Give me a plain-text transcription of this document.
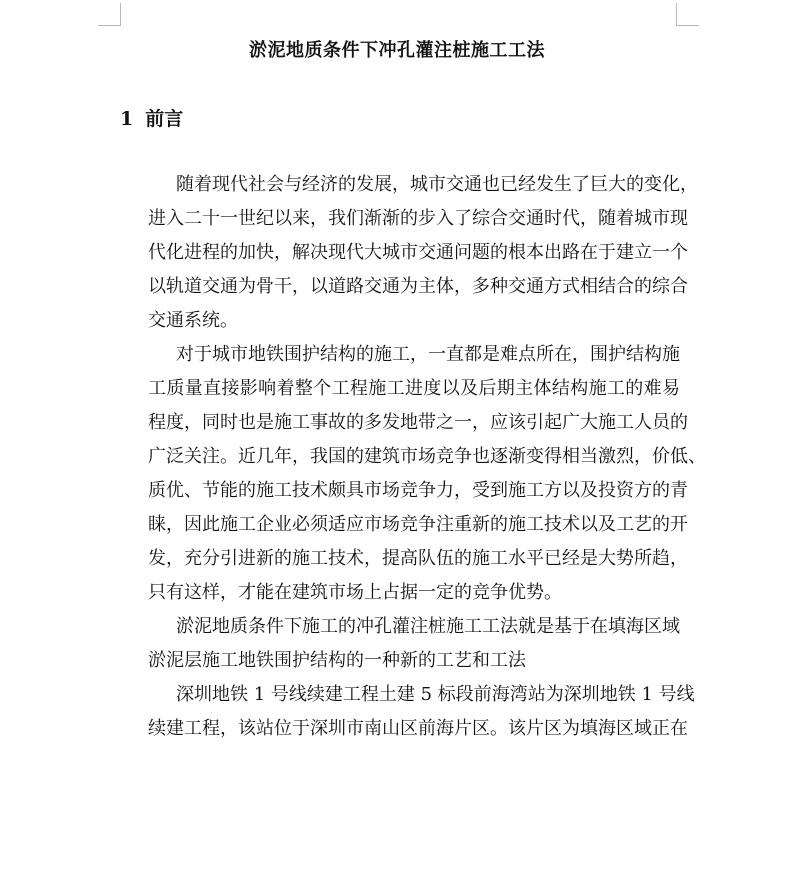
淤泥地质条件下冲孔灌注桩施工工法
1 前言

随着现代社会与经济的发展，城市交通也已经发生了巨大的变化，
进入二十一世纪以来，我们渐渐的步入了综合交通时代，随着城市现
代化进程的加快，解决现代大城市交通问题的根本出路在于建立一个
以轨道交通为骨干，以道路交通为主体，多种交通方式相结合的综合
交通系统。

对于城市地铁围护结构的施工，一直都是难点所在，围护结构施
工质量直接影响着整个工程施工进度以及后期主体结构施工的难易
程度，同时也是施工事故的多发地带之一，应该引起广大施工人员的
广泛关注。近几年，我国的建筑市场竞争也逐渐变得相当激烈，价低、
质优、节能的施工技术颇具市场竞争力，受到施工方以及投资方的青
睐，因此施工企业必须适应市场竞争注重新的施工技术以及工艺的开
发，充分引进新的施工技术，提高队伍的施工水平已经是大势所趋，
只有这样，才能在建筑市场上占据一定的竞争优势。

淤泥地质条件下施工的冲孔灌注桩施工工法就是基于在填海区域
淤泥层施工地铁围护结构的一种新的工艺和工法

深圳地铁 1 号线续建工程土建 5 标段前海湾站为深圳地铁 1 号线
续建工程，该站位于深圳市南山区前海片区。该片区为填海区域正在
